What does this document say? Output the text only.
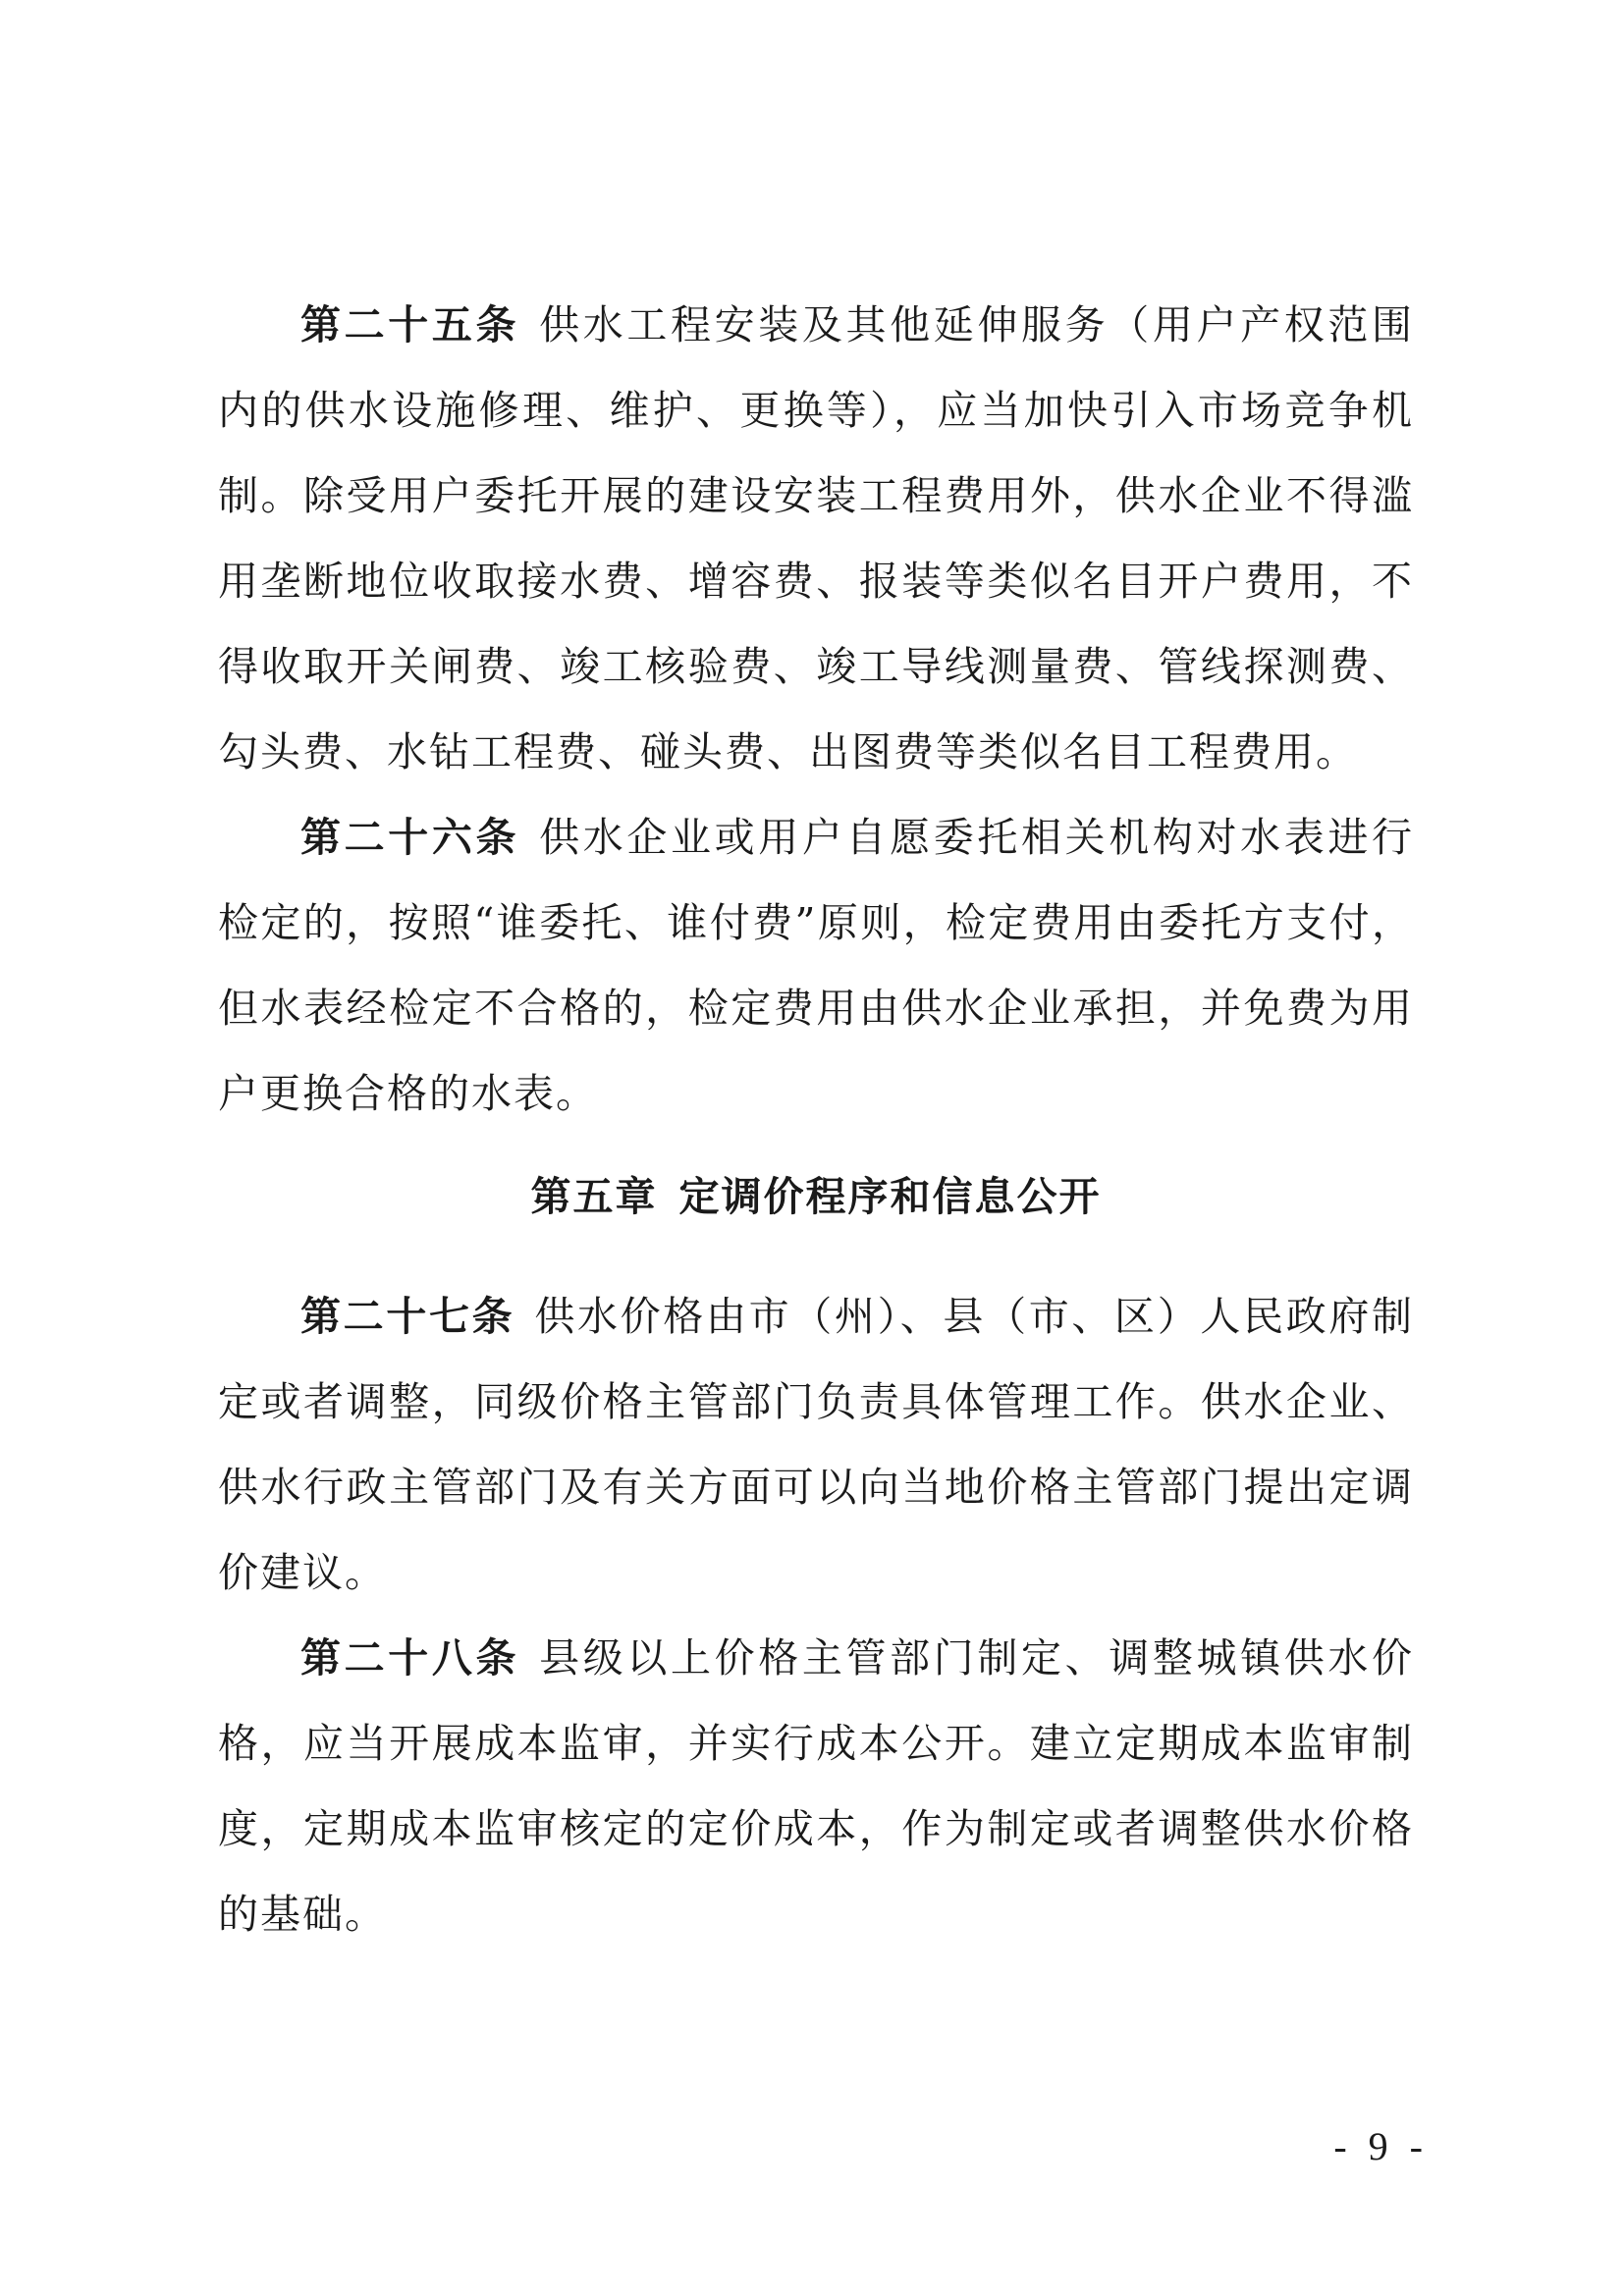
第二十五条 供水工程安装及其他延伸服务（用户产权范围内的供水设施修理、维护、更换等），应当加快引入市场竞争机制。除受用户委托开展的建设安装工程费用外，供水企业不得滥用垄断地位收取接水费、增容费、报装等类似名目开户费用，不得收取开关闸费、竣工核验费、竣工导线测量费、管线探测费、勾头费、水钻工程费、碰头费、出图费等类似名目工程费用。

第二十六条 供水企业或用户自愿委托相关机构对水表进行检定的，按照“谁委托、谁付费”原则，检定费用由委托方支付，但水表经检定不合格的，检定费用由供水企业承担，并免费为用户更换合格的水表。

第五章 定调价程序和信息公开

第二十七条 供水价格由市（州）、县（市、区）人民政府制定或者调整，同级价格主管部门负责具体管理工作。供水企业、供水行政主管部门及有关方面可以向当地价格主管部门提出定调价建议。

第二十八条 县级以上价格主管部门制定、调整城镇供水价格，应当开展成本监审，并实行成本公开。建立定期成本监审制度，定期成本监审核定的定价成本，作为制定或者调整供水价格的基础。

- 9 -
